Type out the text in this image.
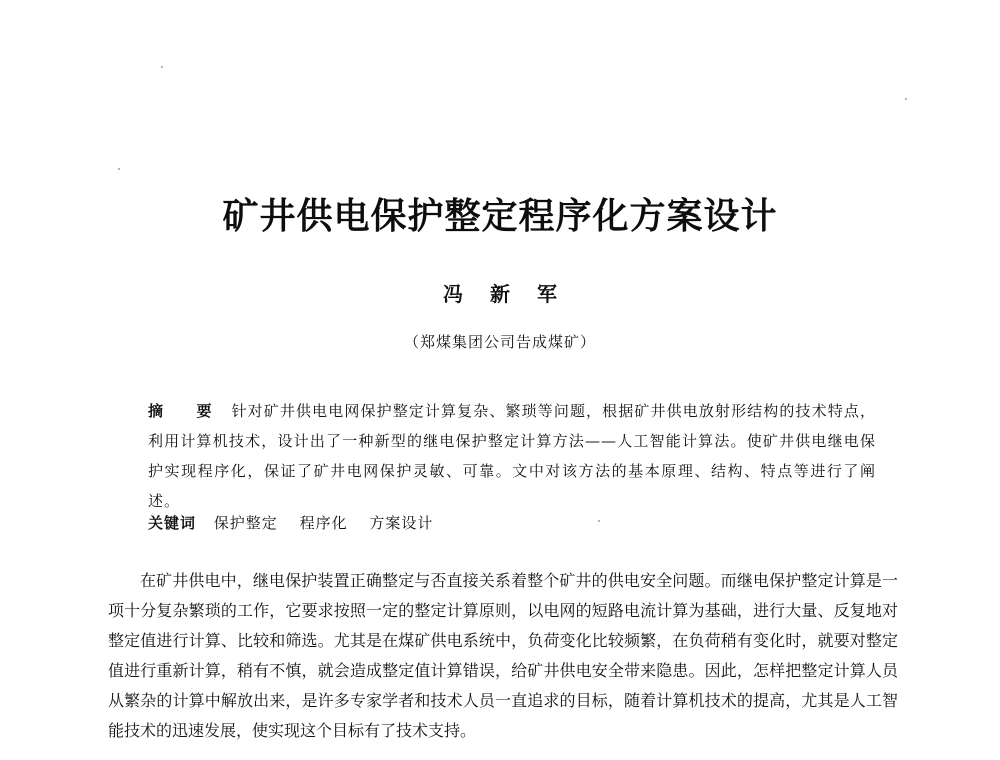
矿井供电保护整定程序化方案设计
冯 新 军
（郑煤集团公司告成煤矿）
摘 要 针对矿井供电电网保护整定计算复杂、繁琐等问题，根据矿井供电放射形结构的技术特点，利用计算机技术，设计出了一种新型的继电保护整定计算方法——人工智能计算法。使矿井供电继电保护实现程序化，保证了矿井电网保护灵敏、可靠。文中对该方法的基本原理、结构、特点等进行了阐述。
关键词 保护整定 程序化 方案设计

在矿井供电中，继电保护装置正确整定与否直接关系着整个矿井的供电安全问题。而继电保护整定计算是一项十分复杂繁琐的工作，它要求按照一定的整定计算原则，以电网的短路电流计算为基础，进行大量、反复地对整定值进行计算、比较和筛选。尤其是在煤矿供电系统中，负荷变化比较频繁，在负荷稍有变化时，就要对整定值进行重新计算，稍有不慎，就会造成整定值计算错误，给矿井供电安全带来隐患。因此，怎样把整定计算人员从繁杂的计算中解放出来，是许多专家学者和技术人员一直追求的目标，随着计算机技术的提高，尤其是人工智能技术的迅速发展，使实现这个目标有了技术支持。
